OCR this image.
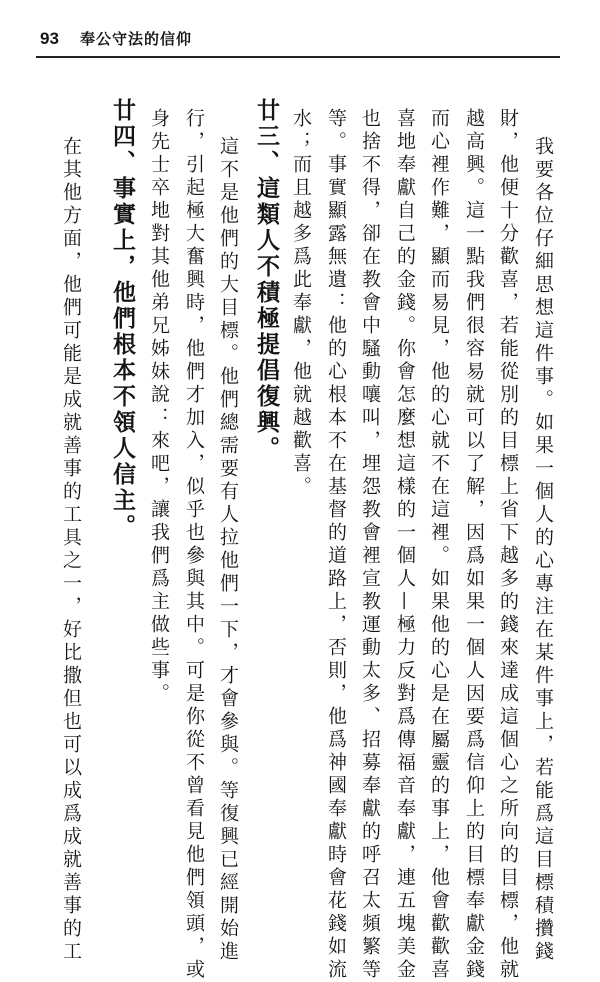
93 奉公守法的信仰
我要各位仔細思想這件事。如果一個人的心專注在某件事上，若能爲這目標積攢錢
財，他便十分歡喜，若能從別的目標上省下越多的錢來達成這個心之所向的目標，他就
越高興。這一點我們很容易就可以了解，因爲如果一個人因要爲信仰上的目標奉獻金錢
而心裡作難，顯而易見，他的心就不在這裡。如果他的心是在屬靈的事上，他會歡歡喜
喜地奉獻自己的金錢。你會怎麼想這樣的一個人—極力反對爲傳福音奉獻，連五塊美金
也捨不得，卻在教會中騷動嚷叫，埋怨教會裡宣教運動太多、招募奉獻的呼召太頻繁等
等。事實顯露無遺：他的心根本不在基督的道路上，否則，他爲神國奉獻時會花錢如流
水；而且越多爲此奉獻，他就越歡喜。
廿三、這類人不積極提倡復興。
這不是他們的大目標。他們總需要有人拉他們一下，才會參與。等復興已經開始進
行，引起極大奮興時，他們才加入，似乎也參與其中。可是你從不曾看見他們領頭，或
身先士卒地對其他弟兄姊妹說：來吧，讓我們爲主做些事。
廿四、事實上，他們根本不領人信主。
在其他方面，他們可能是成就善事的工具之一，好比撒但也可以成爲成就善事的工
